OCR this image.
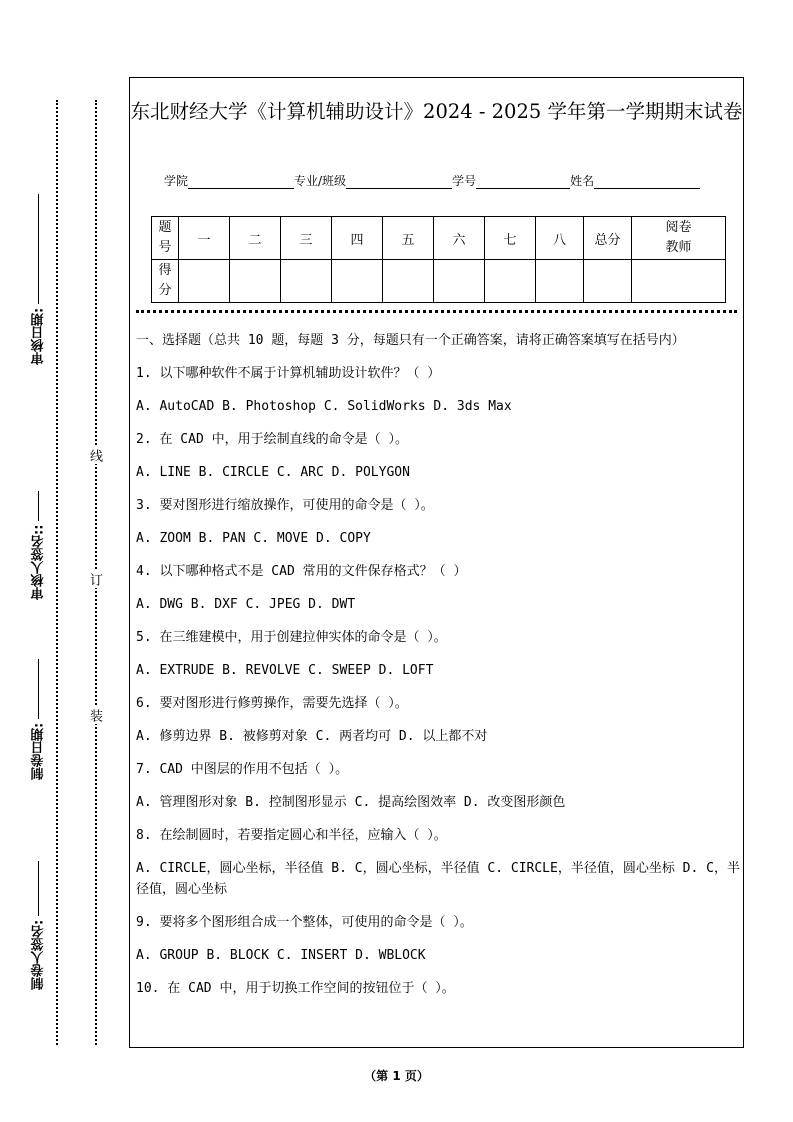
审核日期:
审核人签名::
制卷日期:
制卷人签名:
线
订
装
东北财经大学《计算机辅助设计》2024 - 2025 学年第一学期期末试卷
学院	专业/班级	学号	姓名
题
号	一	二	三	四	五	六	七	八	总分	阅卷
教师
得
分										

一、选择题（总共 10 题，每题 3 分，每题只有一个正确答案，请将正确答案填写在括号内）

1. 以下哪种软件不属于计算机辅助设计软件？（ ）

A. AutoCAD B. Photoshop C. SolidWorks D. 3ds Max

2. 在 CAD 中，用于绘制直线的命令是（ ）。

A. LINE B. CIRCLE C. ARC D. POLYGON

3. 要对图形进行缩放操作，可使用的命令是（ ）。

A. ZOOM B. PAN C. MOVE D. COPY

4. 以下哪种格式不是 CAD 常用的文件保存格式？（ ）

A. DWG B. DXF C. JPEG D. DWT

5. 在三维建模中，用于创建拉伸实体的命令是（ ）。

A. EXTRUDE B. REVOLVE C. SWEEP D. LOFT

6. 要对图形进行修剪操作，需要先选择（ ）。

A. 修剪边界 B. 被修剪对象 C. 两者均可 D. 以上都不对

7. CAD 中图层的作用不包括（ ）。

A. 管理图形对象 B. 控制图形显示 C. 提高绘图效率 D. 改变图形颜色

8. 在绘制圆时，若要指定圆心和半径，应输入（ ）。

A. CIRCLE，圆心坐标，半径值 B. C，圆心坐标，半径值 C. CIRCLE，半径值，圆心坐标 D. C，半径值，圆心坐标

9. 要将多个图形组合成一个整体，可使用的命令是（ ）。

A. GROUP B. BLOCK C. INSERT D. WBLOCK

10. 在 CAD 中，用于切换工作空间的按钮位于（ ）。

（第 1 页）
